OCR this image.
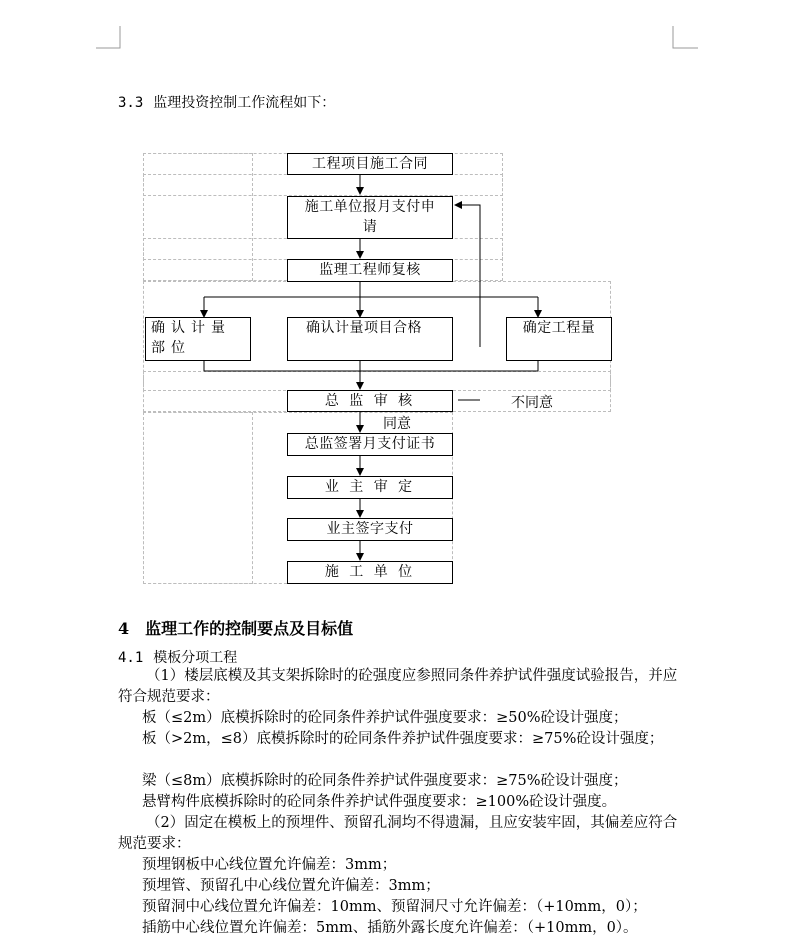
3.3 监理投资控制工作流程如下：
工程项目施工合同
施工单位报月支付申请
监理工程师复核
确认计量部位
确认计量项目合格	确定工程量
总 监 审 核	不同意
同意
总监签署月支付证书
业 主 审 定
业主签字支付
施 工 单 位
4 监理工作的控制要点及目标值
4.1 模板分项工程

（1）楼层底模及其支架拆除时的砼强度应参照同条件养护试件强度试验报告，并应符合规范要求：

板（≤2m）底模拆除时的砼同条件养护试件强度要求：≥50%砼设计强度；

板（>2m，≤8）底模拆除时的砼同条件养护试件强度要求：≥75%砼设计强度；

梁（≤8m）底模拆除时的砼同条件养护试件强度要求：≥75%砼设计强度；

悬臂构件底模拆除时的砼同条件养护试件强度要求：≥100%砼设计强度。

（2）固定在模板上的预埋件、预留孔洞均不得遗漏，且应安装牢固，其偏差应符合规范要求：

预埋钢板中心线位置允许偏差：3mm；

预埋管、预留孔中心线位置允许偏差：3mm；

预留洞中心线位置允许偏差：10mm、预留洞尺寸允许偏差：（+10mm，0）；

插筋中心线位置允许偏差：5mm、插筋外露长度允许偏差：（+10mm，0）。
